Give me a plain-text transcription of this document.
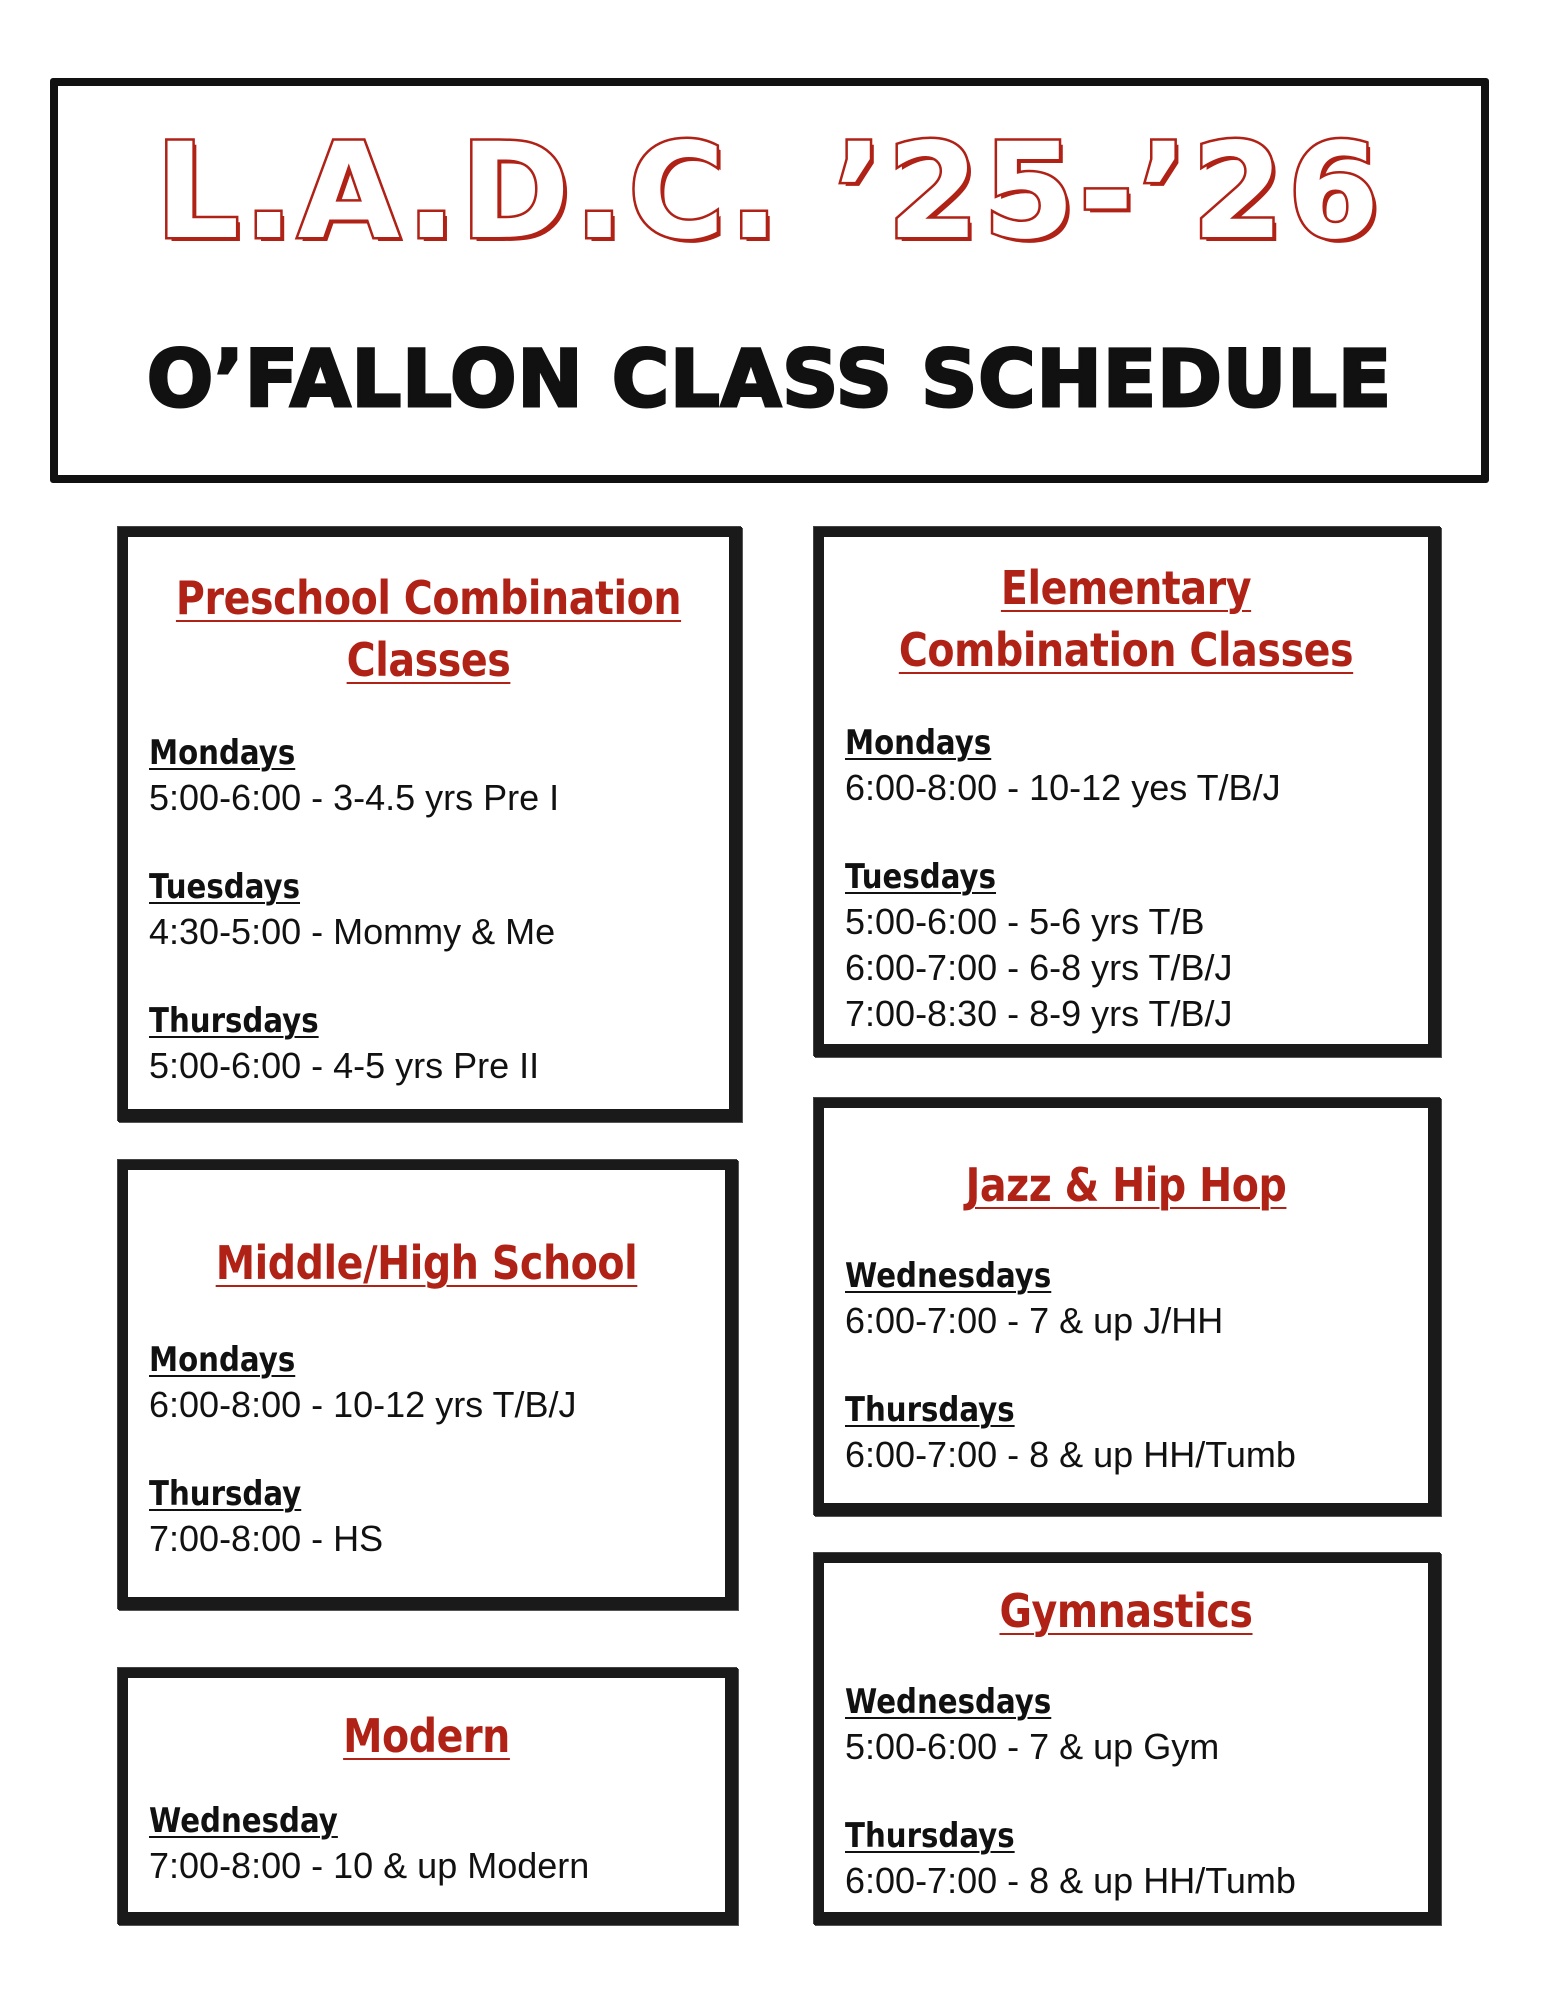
L.A.D.C. ’25-’26
O’FALLON CLASS SCHEDULE
Preschool Combination
Classes
Mondays
5:00-6:00 - 3-4.5 yrs Pre I
Tuesdays
4:30-5:00 - Mommy & Me
Thursdays
5:00-6:00 - 4-5 yrs Pre II
Middle/High School
Mondays
6:00-8:00 - 10-12 yrs T/B/J
Thursday
7:00-8:00 - HS
Modern
Wednesday
7:00-8:00 - 10 & up Modern
Elementary
Combination Classes
Mondays
6:00-8:00 - 10-12 yes T/B/J
Tuesdays
5:00-6:00 - 5-6 yrs T/B
6:00-7:00 - 6-8 yrs T/B/J
7:00-8:30 - 8-9 yrs T/B/J
Jazz & Hip Hop
Wednesdays
6:00-7:00 - 7 & up J/HH
Thursdays
6:00-7:00 - 8 & up HH/Tumb
Gymnastics
Wednesdays
5:00-6:00 - 7 & up Gym
Thursdays
6:00-7:00 - 8 & up HH/Tumb
